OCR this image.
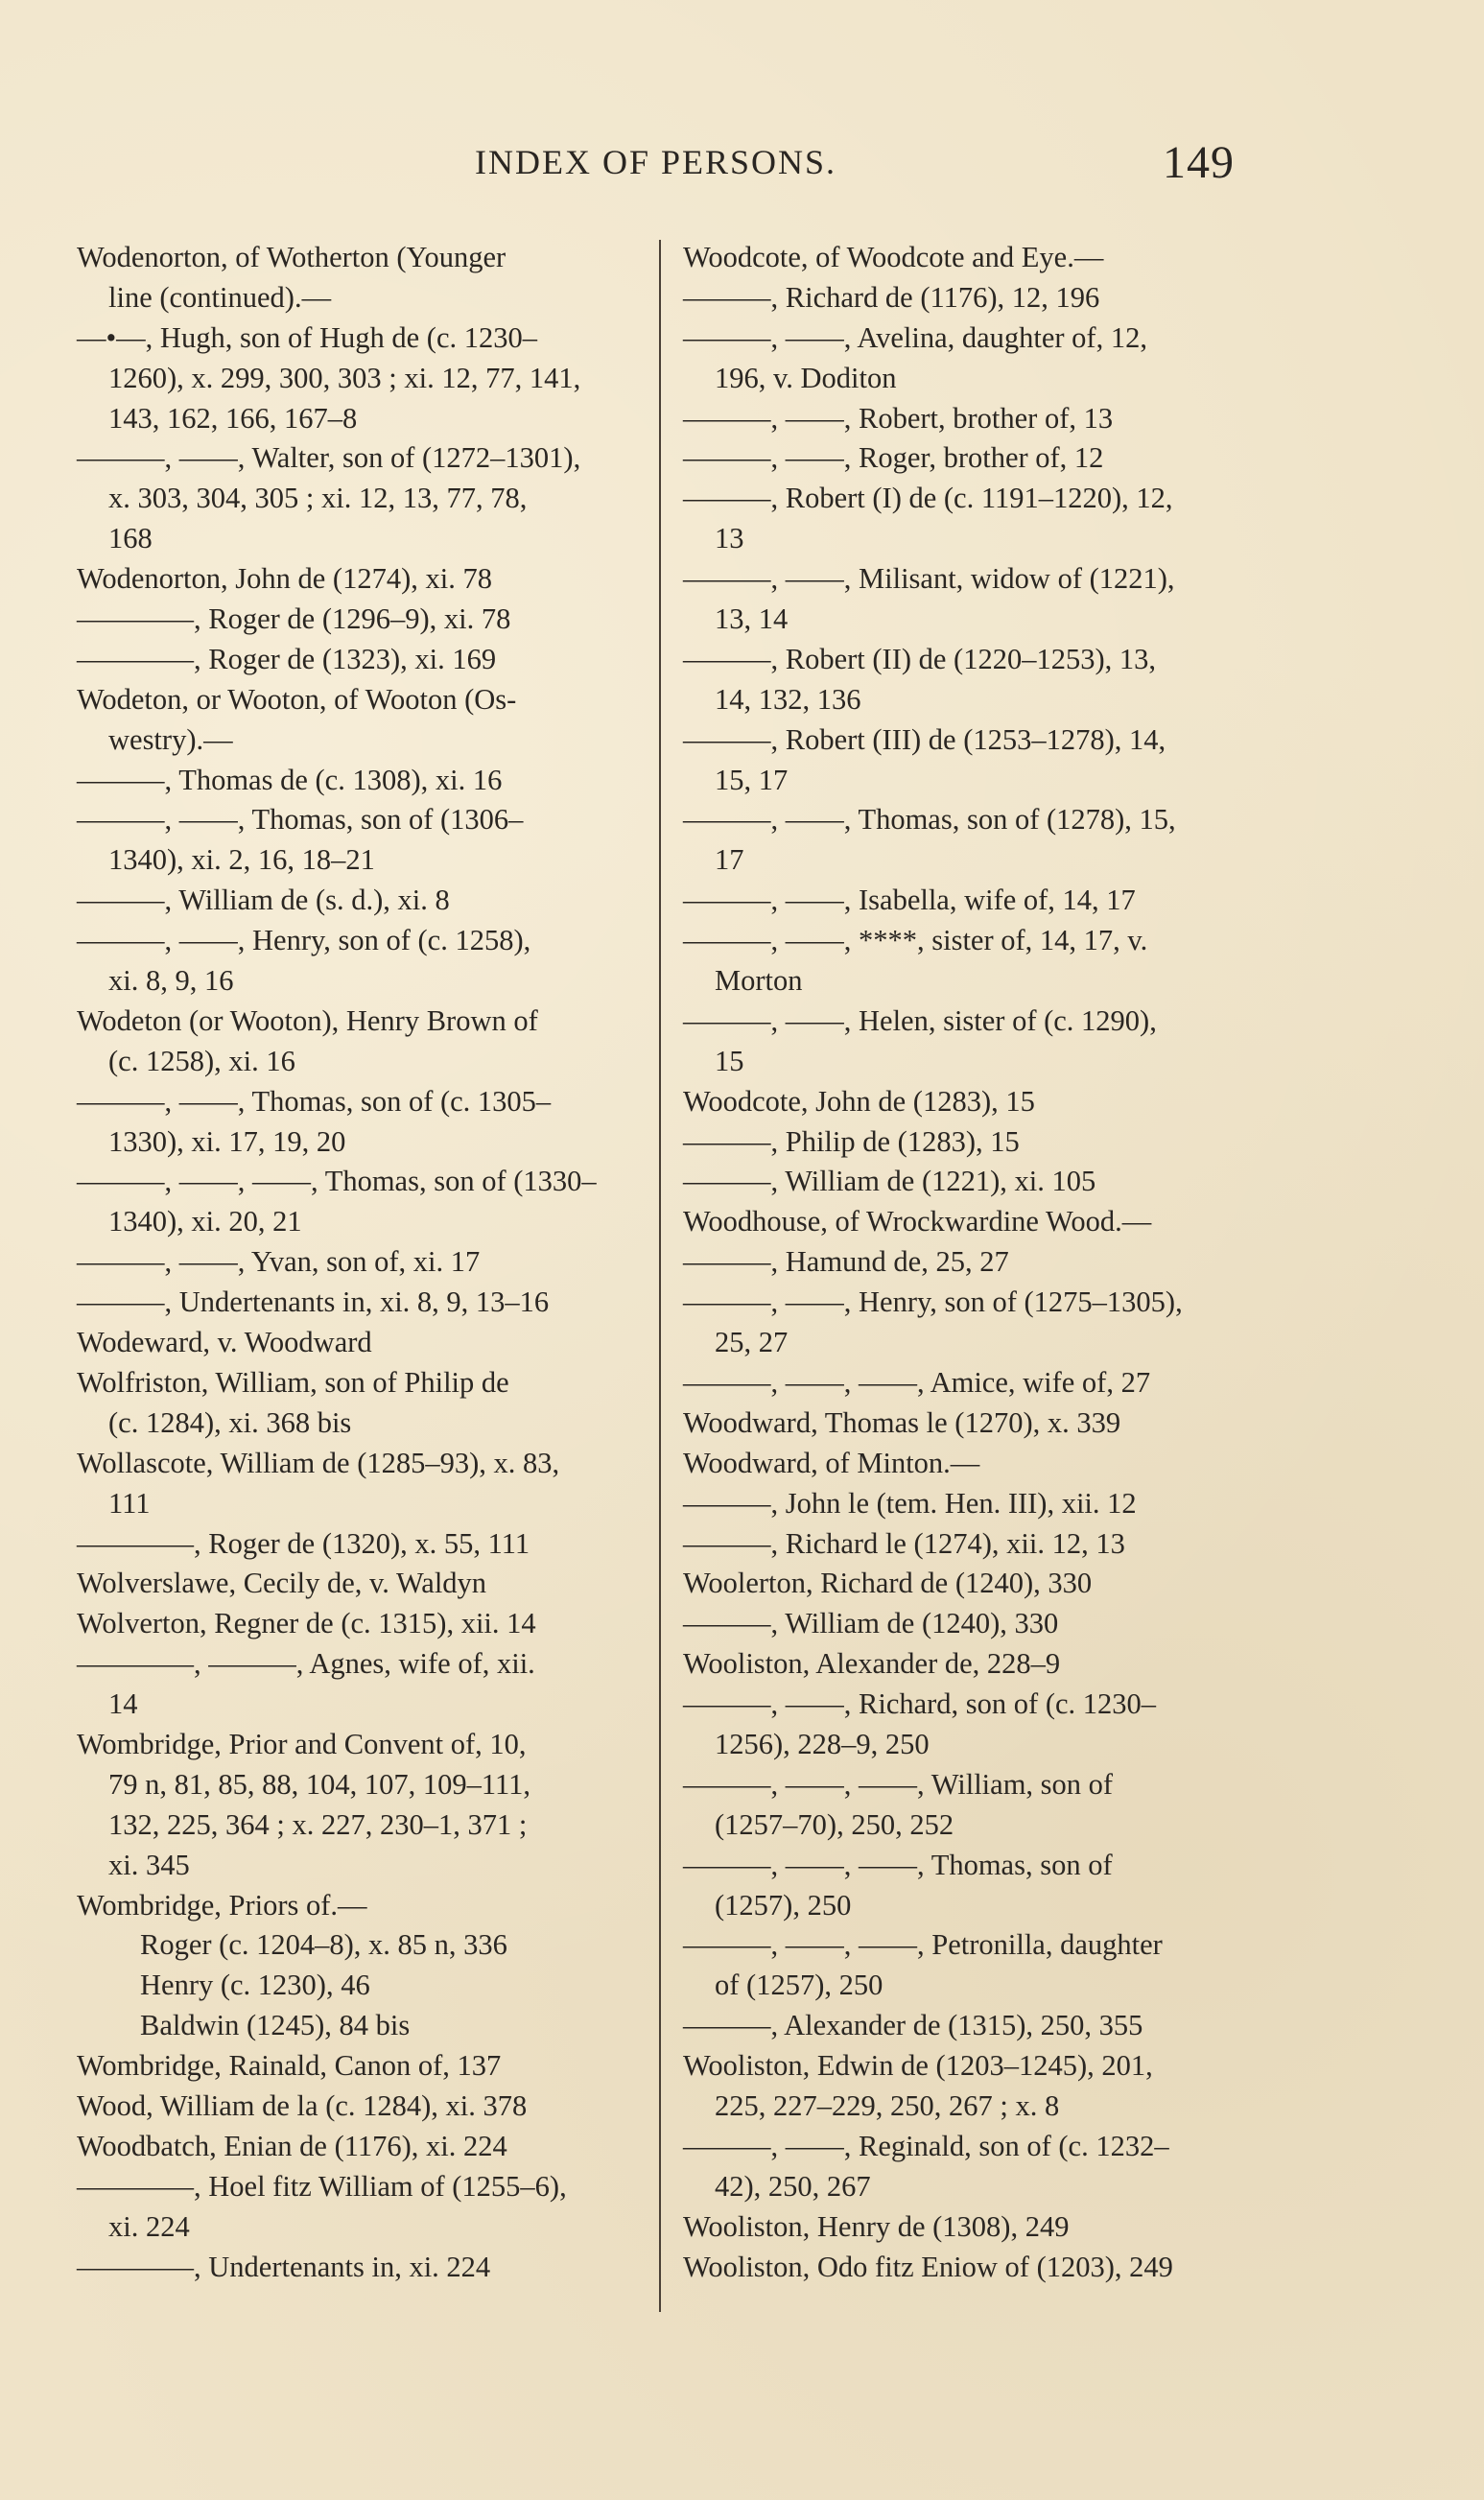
INDEX OF PERSONS.	149
Wodenorton, of Wotherton (Younger
line (continued).—
—•—, Hugh, son of Hugh de (c. 1230–
1260), x. 299, 300, 303 ; xi. 12, 77, 141,
143, 162, 166, 167–8
———, ——, Walter, son of (1272–1301),
x. 303, 304, 305 ; xi. 12, 13, 77, 78,
168
Wodenorton, John de (1274), xi. 78
————, Roger de (1296–9), xi. 78
————, Roger de (1323), xi. 169
Wodeton, or Wooton, of Wooton (Os-
westry).—
———, Thomas de (c. 1308), xi. 16
———, ——, Thomas, son of (1306–
1340), xi. 2, 16, 18–21
———, William de (s. d.), xi. 8
———, ——, Henry, son of (c. 1258),
xi. 8, 9, 16
Wodeton (or Wooton), Henry Brown of
(c. 1258), xi. 16
———, ——, Thomas, son of (c. 1305–
1330), xi. 17, 19, 20
———, ——, ——, Thomas, son of (1330–
1340), xi. 20, 21
———, ——, Yvan, son of, xi. 17
———, Undertenants in, xi. 8, 9, 13–16
Wodeward, v. Woodward
Wolfriston, William, son of Philip de
(c. 1284), xi. 368 bis
Wollascote, William de (1285–93), x. 83,
111
————, Roger de (1320), x. 55, 111
Wolverslawe, Cecily de, v. Waldyn
Wolverton, Regner de (c. 1315), xii. 14
————, ———, Agnes, wife of, xii.
14
Wombridge, Prior and Convent of, 10,
79 n, 81, 85, 88, 104, 107, 109–111,
132, 225, 364 ; x. 227, 230–1, 371 ;
xi. 345
Wombridge, Priors of.—
Roger (c. 1204–8), x. 85 n, 336
Henry (c. 1230), 46
Baldwin (1245), 84 bis
Wombridge, Rainald, Canon of, 137
Wood, William de la (c. 1284), xi. 378
Woodbatch, Enian de (1176), xi. 224
————, Hoel fitz William of (1255–6),
xi. 224
————, Undertenants in, xi. 224
Woodcote, of Woodcote and Eye.—
———, Richard de (1176), 12, 196
———, ——, Avelina, daughter of, 12,
196, v. Doditon
———, ——, Robert, brother of, 13
———, ——, Roger, brother of, 12
———, Robert (I) de (c. 1191–1220), 12,
13
———, ——, Milisant, widow of (1221),
13, 14
———, Robert (II) de (1220–1253), 13,
14, 132, 136
———, Robert (III) de (1253–1278), 14,
15, 17
———, ——, Thomas, son of (1278), 15,
17
———, ——, Isabella, wife of, 14, 17
———, ——, ****, sister of, 14, 17, v.
Morton
———, ——, Helen, sister of (c. 1290),
15
Woodcote, John de (1283), 15
———, Philip de (1283), 15
———, William de (1221), xi. 105
Woodhouse, of Wrockwardine Wood.—
———, Hamund de, 25, 27
———, ——, Henry, son of (1275–1305),
25, 27
———, ——, ——, Amice, wife of, 27
Woodward, Thomas le (1270), x. 339
Woodward, of Minton.—
———, John le (tem. Hen. III), xii. 12
———, Richard le (1274), xii. 12, 13
Woolerton, Richard de (1240), 330
———, William de (1240), 330
Wooliston, Alexander de, 228–9
———, ——, Richard, son of (c. 1230–
1256), 228–9, 250
———, ——, ——, William, son of
(1257–70), 250, 252
———, ——, ——, Thomas, son of
(1257), 250
———, ——, ——, Petronilla, daughter
of (1257), 250
———, Alexander de (1315), 250, 355
Wooliston, Edwin de (1203–1245), 201,
225, 227–229, 250, 267 ; x. 8
———, ——, Reginald, son of (c. 1232–
42), 250, 267
Wooliston, Henry de (1308), 249
Wooliston, Odo fitz Eniow of (1203), 249
